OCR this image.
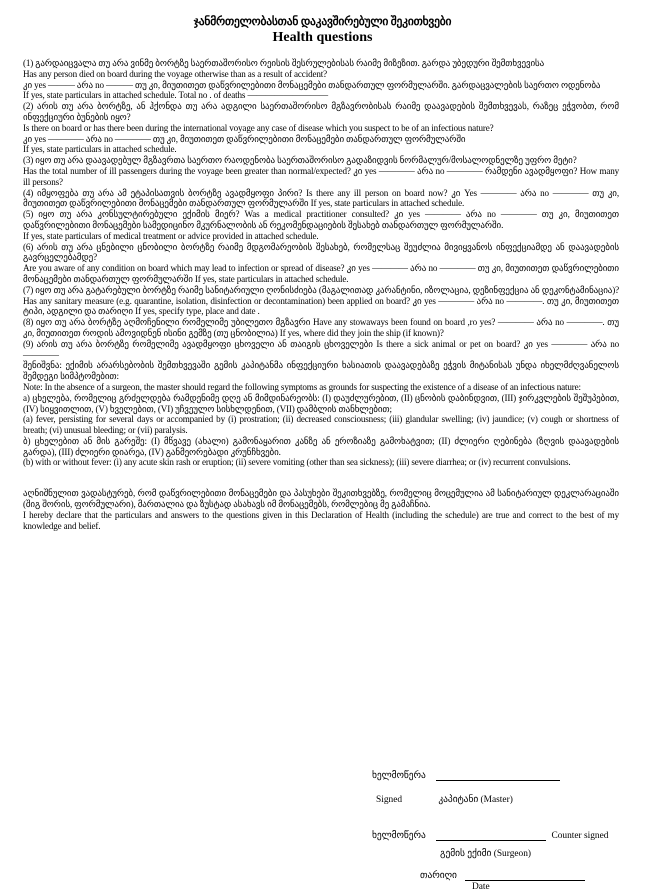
ჯანმრთელობასთან დაკავშირებული შეკითხვები
Health questions

(1) გარდაიცვალა თუ არა ვინმე ბორტზე საერთაშორისო რეისის შესრულებისას რაიმე მიზეზით. გარდა უბედური შემთხვევისა

Has any person died on board during the voyage otherwise than as a result of accident?

კი yes ——— არა no ——— თუ კი, მიუთითეთ დაწვრილებითი მონაცემები თანდართულ ფორმულარში. გარდაცვალების საერთო ოდენობა

If yes, state particulars in attached schedule. Total no . of deaths —————————

(2) არის თუ არა ბორტზე, ან ჰქონდა თუ არა ადგილი საერთაშორისო მგზავრობისას რაიმე დაავადების შემთხვევას, რაზეც ეჭვობთ, რომ ინფექციური ბუნების იყო?

Is there on board or has there been during the international voyage any case of disease which you suspect to be of an infectious nature?

კი yes ———— არა no ———— თუ კი, მიუთითეთ დაწვრილებითი მონაცემები თანდართულ ფორმულარში

If yes, state particulars in attached schedule.

(3) იყო თუ არა დაავადებულ მგზავრთა საერთო რაოდენობა საერთაშორისო გადაზიდვის ნორმალურ/მოსალოდნელზე უფრო მეტი?

Has the total number of ill passengers during the voyage been greater than normal/expected? კი yes ———— არა no ———— რამდენი ავადმყოფი? How many ill persons?

(4) იმყოფება თუ არა ამ ეტაპისათვის ბორტზე ავადმყოფი პირი? Is there any ill person on board now? კი Yes ———— არა no ———— თუ კი, მიუთითეთ დაწვრილებითი მონაცემები თანდართულ ფორმულარში If yes, state particulars in attached schedule.

(5) იყო თუ არა კონსულტირებული ექიმის მიერ? Was a medical practitioner consulted? კი yes ———— არა no ———— თუ კი, მიუთითეთ დაწვრილებითი მონაცემები სამედიცინო მკურნალობის ან რეკომენდაციების შესახებ თანდართულ ფორმულარში.

If yes, state particulars of medical treatment or advice provided in attached schedule.

(6) არის თუ არა ცნებილი ცნობილი ბორტზე რაიმე მდგომარეობის შესახებ, რომელსაც შეუძლია მივიყვანოს ინფექციამდე ან დაავადების გავრცელებამდე?

Are you aware of any condition on board which may lead to infection or spread of disease? კი yes ———— არა no ———— თუ კი, მიუთითეთ დაწვრილებითი მონაცემები თანდართულ ფორმულარში If yes, state particulars in attached schedule.

(7) იყო თუ არა გატარებული ბორტზე რაიმე სანიტარიული ღონისძიება (მაგალითად კარანტინი, იზოლაცია, დეზინფექცია ან დეკონტამინაცია)? Has any sanitary measure (e.g. quarantine, isolation, disinfection or decontamination) been applied on board? კი yes ———— არა no ————. თუ კი, მიუთითეთ ტიპი, ადგილი და თარიღი If yes, specify type, place and date .

(8) იყო თუ არა ბორტზე აღმოჩენილი რომელიმე უბილეთო მგზავრი Have any stowaways been found on board ,ro yes? ———— არა no ————. თუ კი, მიუთითეთ როდის ამოვიდნენ ისინი გემზე (თუ ცნობილია) If yes, where did they join the ship (if known)?

(9) არის თუ არა ბორტზე რომელიმე ავადმყოფი ცხოველი ან თაიგის ცხოველები Is there a sick animal or pet on board? კი yes ———— არა no ————

შენიშვნა: ექიმის არარსებობის შემთხვევაში გემის კაპიტანმა ინფექციური ხასიათის დაავადებაზე ეჭვის მიტანისას უნდა იხელმძღვანელოს შემდეგი სიმპტომებით:

Note: In the absence of a surgeon, the master should regard the following symptoms as grounds for suspecting the existence of a disease of an infectious nature:

a) ცხელება, რომელიც გრძელდება რამდენიმე დღე ან მიმდინარეობს: (I) დაუძლურებით, (II) ცნობის დაბინდვით, (III) ჯირკვლების შეშუპებით, (IV) სიყვითლით, (V) ხველებით, (VI) უჩვეულო სისხლდენით, (VII) დამბლის თანხლებით;

(a) fever, persisting for several days or accompanied by (i) prostration; (ii) decreased consciousness; (iii) glandular swelling; (iv) jaundice; (v) cough or shortness of breath; (vi) unusual bleeding; or (vii) paralysis.

ბ) ცხელებით ან მის გარეშე: (I) მწვავე (ახალი) გამონაყარით კანზე ან ეროზიაზე გამოხატვით; (II) ძლიერი ღებინება (ზღვის დაავადების გარდა), (III) ძლიერი დიარეა, (IV) განმეორებადი კრუნჩხვები.

(b) with or without fever: (i) any acute skin rash or eruption; (ii) severe vomiting (other than sea sickness); (iii) severe diarrhea; or (iv) recurrent convulsions.

აღნიშნულით ვადასტურებ, რომ დაწვრილებითი მონაცემები და პასუხები შეკითხვებზე, რომელიც მოცემულია ამ სანიტარიულ დეკლარაციაში (შიგ შორის, ფორმულარი), მართალია და ზუსტად ასახავს იმ მონაცემებს, რომლებიც მე გამაჩნია.

I hereby declare that the particulars and answers to the questions given in this Declaration of Health (including the schedule) are true and correct to the best of my knowledge and belief.

ხელმოწერა
Signed	კაპიტანი (Master)
ხელმოწერა	Counter signed
გემის ექიმი (Surgeon)
თარიღი
Date
